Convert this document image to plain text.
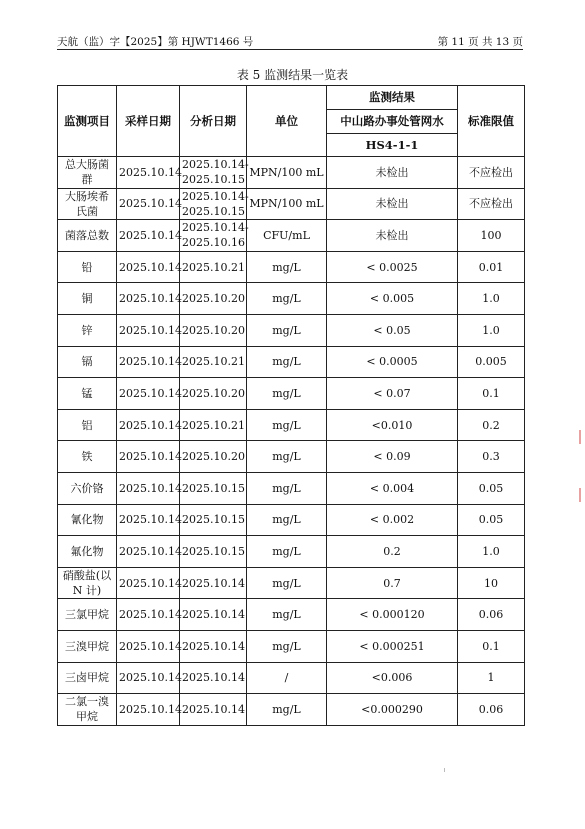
天航（监）字【2025】第 HJWT1466 号	第 11 页 共 13 页
表 5 监测结果一览表
监测项目	采样日期	分析日期	单位	监测结果	标准限值
				中山路办事处管网水	
				HS4-1-1	
总大肠菌群	2025.10.14	2025.10.14-2025.10.15	MPN/100 mL	未检出	不应检出
大肠埃希氏菌	2025.10.14	2025.10.14-2025.10.15	MPN/100 mL	未检出	不应检出
菌落总数	2025.10.14	2025.10.14-2025.10.16	CFU/mL	未检出	100
铅	2025.10.14	2025.10.21	mg/L	< 0.0025	0.01
铜	2025.10.14	2025.10.20	mg/L	< 0.005	1.0
锌	2025.10.14	2025.10.20	mg/L	< 0.05	1.0
镉	2025.10.14	2025.10.21	mg/L	< 0.0005	0.005
锰	2025.10.14	2025.10.20	mg/L	< 0.07	0.1
铝	2025.10.14	2025.10.21	mg/L	<0.010	0.2
铁	2025.10.14	2025.10.20	mg/L	< 0.09	0.3
六价铬	2025.10.14	2025.10.15	mg/L	< 0.004	0.05
氰化物	2025.10.14	2025.10.15	mg/L	< 0.002	0.05
氟化物	2025.10.14	2025.10.15	mg/L	0.2	1.0
硝酸盐(以 N 计)	2025.10.14	2025.10.14	mg/L	0.7	10
三氯甲烷	2025.10.14	2025.10.14	mg/L	< 0.000120	0.06
三溴甲烷	2025.10.14	2025.10.14	mg/L	< 0.000251	0.1
三卤甲烷	2025.10.14	2025.10.14	/	<0.006	1
二氯一溴甲烷	2025.10.14	2025.10.14	mg/L	<0.000290	0.06
